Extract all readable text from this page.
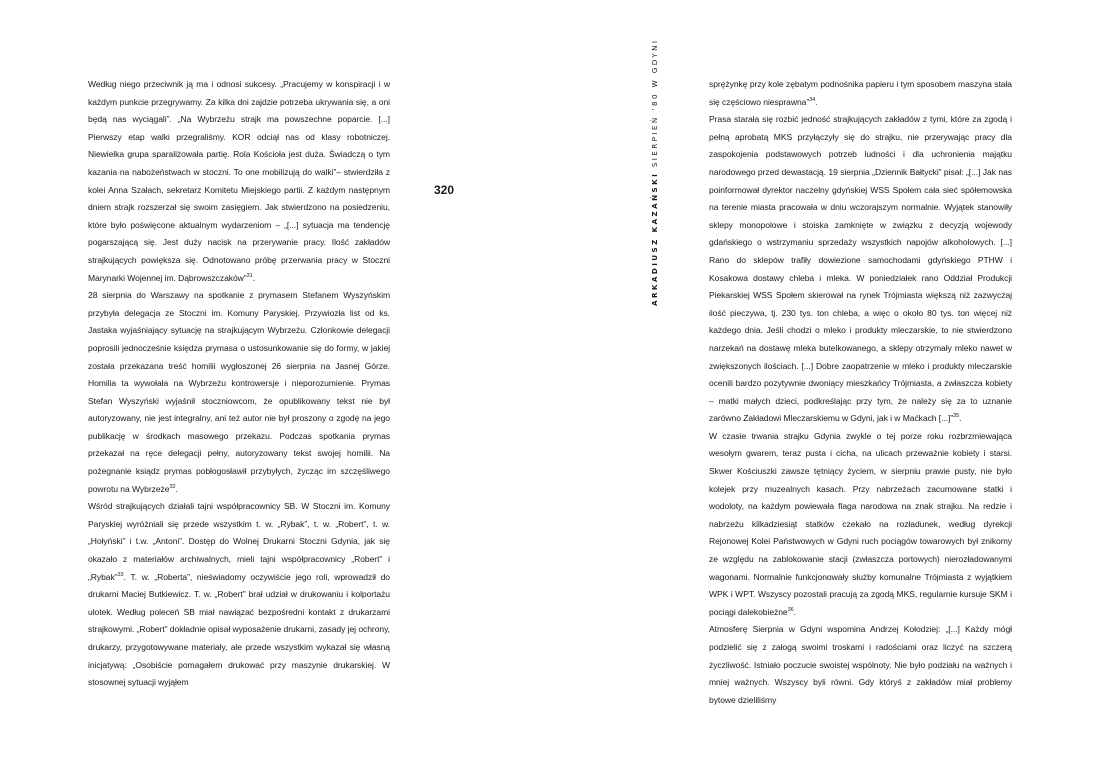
Według niego przeciwnik ją ma i odnosi sukcesy. „Pracujemy w konspiracji i w każdym punkcie przegrywamy. Za kilka dni zajdzie potrzeba ukrywania się, a oni będą nas wyciągali”. „Na Wybrzeżu strajk ma powszechne poparcie. [...] Pierwszy etap walki przegraliśmy. KOR odciął nas od klasy robotniczej. Niewielka grupa sparaliżowała partię. Rola Kościoła jest duża. Świadczą o tym kazania na nabożeństwach w stoczni. To one mobilizują do walki”– stwierdziła z kolei Anna Szałach, sekretarz Komitetu Miejskiego partii. Z każdym następnym dniem strajk rozszerzał się swoim zasięgiem. Jak stwierdzono na posiedzeniu, które było poświęcone aktualnym wydarzeniom – „[...] sytuacja ma tendencję pogarszającą się. Jest duży nacisk na przerywanie pracy. Ilość zakładów strajkujących powiększa się. Odnotowano próbę przerwania pracy w Stoczni Marynarki Wojennej im. Dąbrowszczaków”$^{31}$.

28 sierpnia do Warszawy na spotkanie z prymasem Stefanem Wyszyńskim przybyła delegacja ze Stoczni im. Komuny Paryskiej. Przywiozła list od ks. Jastaka wyjaśniający sytuację na strajkującym Wybrzeżu. Członkowie delegacji poprosili jednocześnie księdza prymasa o ustosunkowanie się do formy, w jakiej została przekazana treść homilii wygłoszonej 26 sierpnia na Jasnej Górze. Homilia ta wywołała na Wybrzeżu kontrowersje i nieporozumienie. Prymas Stefan Wyszyński wyjaśnił stoczniowcom, że opublikowany tekst nie był autoryzowany, nie jest integralny, ani też autor nie był proszony o zgodę na jego publikację w środkach masowego przekazu. Podczas spotkania prymas przekazał na ręce delegacji pełny, autoryzowany tekst swojej homilii. Na pożegnanie ksiądz prymas pobłogosławił przybyłych, życząc im szczęśliwego powrotu na Wybrzeże$^{32}$.

Wśród strajkujących działali tajni współpracownicy SB. W Stoczni im. Komuny Paryskiej wyróżniali się przede wszystkim t. w. „Rybak”, t. w. „Robert”, t. w. „Hołyński” i t.w. „Antoni”. Dostęp do Wolnej Drukarni Stoczni Gdynia, jak się okazało z materiałów archiwalnych, mieli tajni współpracownicy „Robert” i „Rybak”$^{33}$. T. w. „Roberta”, nieświadomy oczywiście jego roli, wprowadził do drukarni Maciej Butkiewicz. T. w. „Robert” brał udział w drukowaniu i kolportażu ulotek. Według poleceń SB miał nawiązać bezpośredni kontakt z drukarzami strajkowymi. „Robert” dokładnie opisał wyposażenie drukarni, zasady jej ochrony, drukarzy, przygotowywane materiały, ale przede wszystkim wykazał się własną inicjatywą: „Osobiście pomagałem drukować przy maszynie drukarskiej. W stosownej sytuacji wyjąłem

320	ARKADIUSZ KAZAŃSKI SIERPIEŃ ’80 W GDYNI	sprężynkę przy kole zębatym podnośnika papieru i tym sposobem maszyna stała się częściowo niesprawna”$^{34}$.

Prasa starała się rozbić jedność strajkujących zakładów z tymi, które za zgodą i pełną aprobatą MKS przyłączyły się do strajku, nie przerywając pracy dla zaspokojenia podstawowych potrzeb ludności i dla uchronienia majątku narodowego przed dewastacją. 19 sierpnia „Dziennik Bałtycki” pisał: „[...] Jak nas poinformował dyrektor naczelny gdyńskiej WSS Społem cała sieć spółemowska na terenie miasta pracowała w dniu wczorajszym normalnie. Wyjątek stanowiły sklepy monopolowe i stoiska zamknięte w związku z decyzją wojewody gdańskiego o wstrzymaniu sprzedaży wszystkich napojów alkoholowych. [...] Rano do sklepów trafiły dowiezione samochodami gdyńskiego PTHW i Kosakowa dostawy chleba i mleka. W poniedziałek rano Oddział Produkcji Piekarskiej WSS Społem skierował na rynek Trójmiasta większą niż zazwyczaj ilość pieczywa, tj. 230 tys. ton chleba, a więc o około 80 tys. ton więcej niż każdego dnia. Jeśli chodzi o mleko i produkty mleczarskie, to nie stwierdzono narzekań na dostawę mleka butelkowanego, a sklepy otrzymały mleko nawet w zwiększonych ilościach. [...] Dobre zaopatrzenie w mleko i produkty mleczarskie ocenili bardzo pozytywnie dwoniący mieszkańcy Trójmiasta, a zwłaszcza kobiety – matki małych dzieci, podkreślając przy tym, że należy się za to uznanie zarówno Zakładowi Mleczarskiemu w Gdyni, jak i w Maćkach [...]”$^{35}$.

W czasie trwania strajku Gdynia zwykle o tej porze roku rozbrzmiewająca wesołym gwarem, teraz pusta i cicha, na ulicach przeważnie kobiety i starsi. Skwer Kościuszki zawsze tętniący życiem, w sierpniu prawie pusty, nie było kolejek przy muzealnych kasach. Przy nabrzeżach zacumowane statki i wodoloty, na każdym powiewała flaga narodowa na znak strajku. Na redzie i nabrzeżu kilkadziesiąt statków czekało na rozładunek, według dyrekcji Rejonowej Kolei Państwowych w Gdyni ruch pociągów towarowych był znikomy ze względu na zablokowanie stacji (zwłaszcza portowych) nierozładowanymi wagonami. Normalnie funkcjonowały służby komunalne Trójmiasta z wyjątkiem WPK i WPT. Wszyscy pozostali pracują za zgodą MKS, regularnie kursuje SKM i pociągi dalekobieżne$^{36}$.

Atmosferę Sierpnia w Gdyni wspomina Andrzej Kołodziej: „[...] Każdy mógł podzielić się z załogą swoimi troskami i radościami oraz liczyć na szczerą życzliwość. Istniało poczucie swoistej wspólnoty. Nie było podziału na ważnych i mniej ważnych. Wszyscy byli równi. Gdy któryś z zakładów miał problemy bytowe dzieliliśmy
